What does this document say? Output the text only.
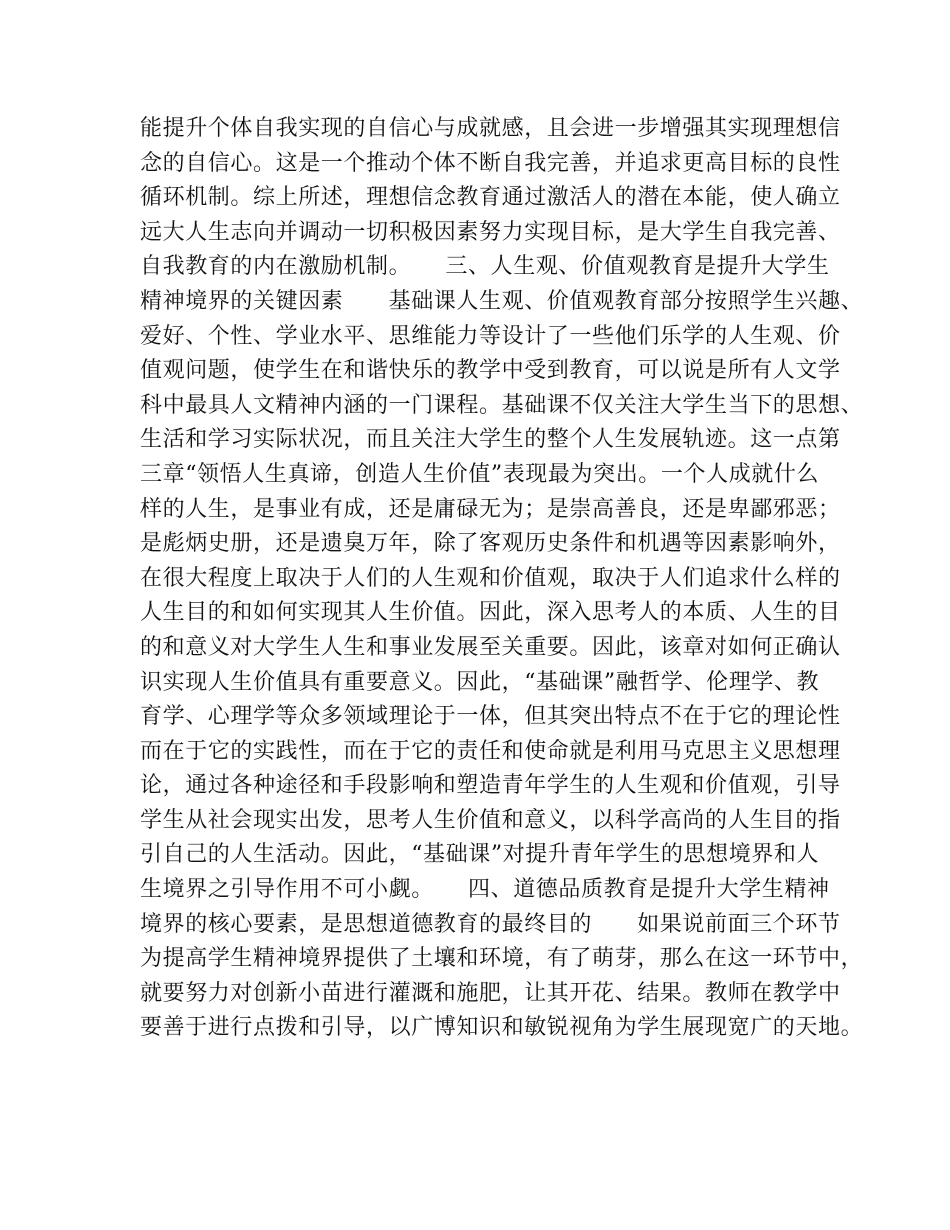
能提升个体自我实现的自信心与成就感，且会进一步增强其实现理想信
念的自信心。这是一个推动个体不断自我完善，并追求更高目标的良性
循环机制。综上所述，理想信念教育通过激活人的潜在本能，使人确立
远大人生志向并调动一切积极因素努力实现目标，是大学生自我完善、
自我教育的内在激励机制。　　三、人生观、价值观教育是提升大学生
精神境界的关键因素　　基础课人生观、价值观教育部分按照学生兴趣、
爱好、个性、学业水平、思维能力等设计了一些他们乐学的人生观、价
值观问题，使学生在和谐快乐的教学中受到教育，可以说是所有人文学
科中最具人文精神内涵的一门课程。基础课不仅关注大学生当下的思想、
生活和学习实际状况，而且关注大学生的整个人生发展轨迹。这一点第
三章“领悟人生真谛，创造人生价值”表现最为突出。一个人成就什么
样的人生，是事业有成，还是庸碌无为；是崇高善良，还是卑鄙邪恶；
是彪炳史册，还是遗臭万年，除了客观历史条件和机遇等因素影响外，
在很大程度上取决于人们的人生观和价值观，取决于人们追求什么样的
人生目的和如何实现其人生价值。因此，深入思考人的本质、人生的目
的和意义对大学生人生和事业发展至关重要。因此，该章对如何正确认
识实现人生价值具有重要意义。因此，“基础课”融哲学、伦理学、教
育学、心理学等众多领域理论于一体，但其突出特点不在于它的理论性
而在于它的实践性，而在于它的责任和使命就是利用马克思主义思想理
论，通过各种途径和手段影响和塑造青年学生的人生观和价值观，引导
学生从社会现实出发，思考人生价值和意义，以科学高尚的人生目的指
引自己的人生活动。因此，“基础课”对提升青年学生的思想境界和人
生境界之引导作用不可小觑。　　四、道德品质教育是提升大学生精神
境界的核心要素，是思想道德教育的最终目的　　如果说前面三个环节
为提高学生精神境界提供了土壤和环境，有了萌芽，那么在这一环节中，
就要努力对创新小苗进行灌溉和施肥，让其开花、结果。教师在教学中
要善于进行点拨和引导，以广博知识和敏锐视角为学生展现宽广的天地。
